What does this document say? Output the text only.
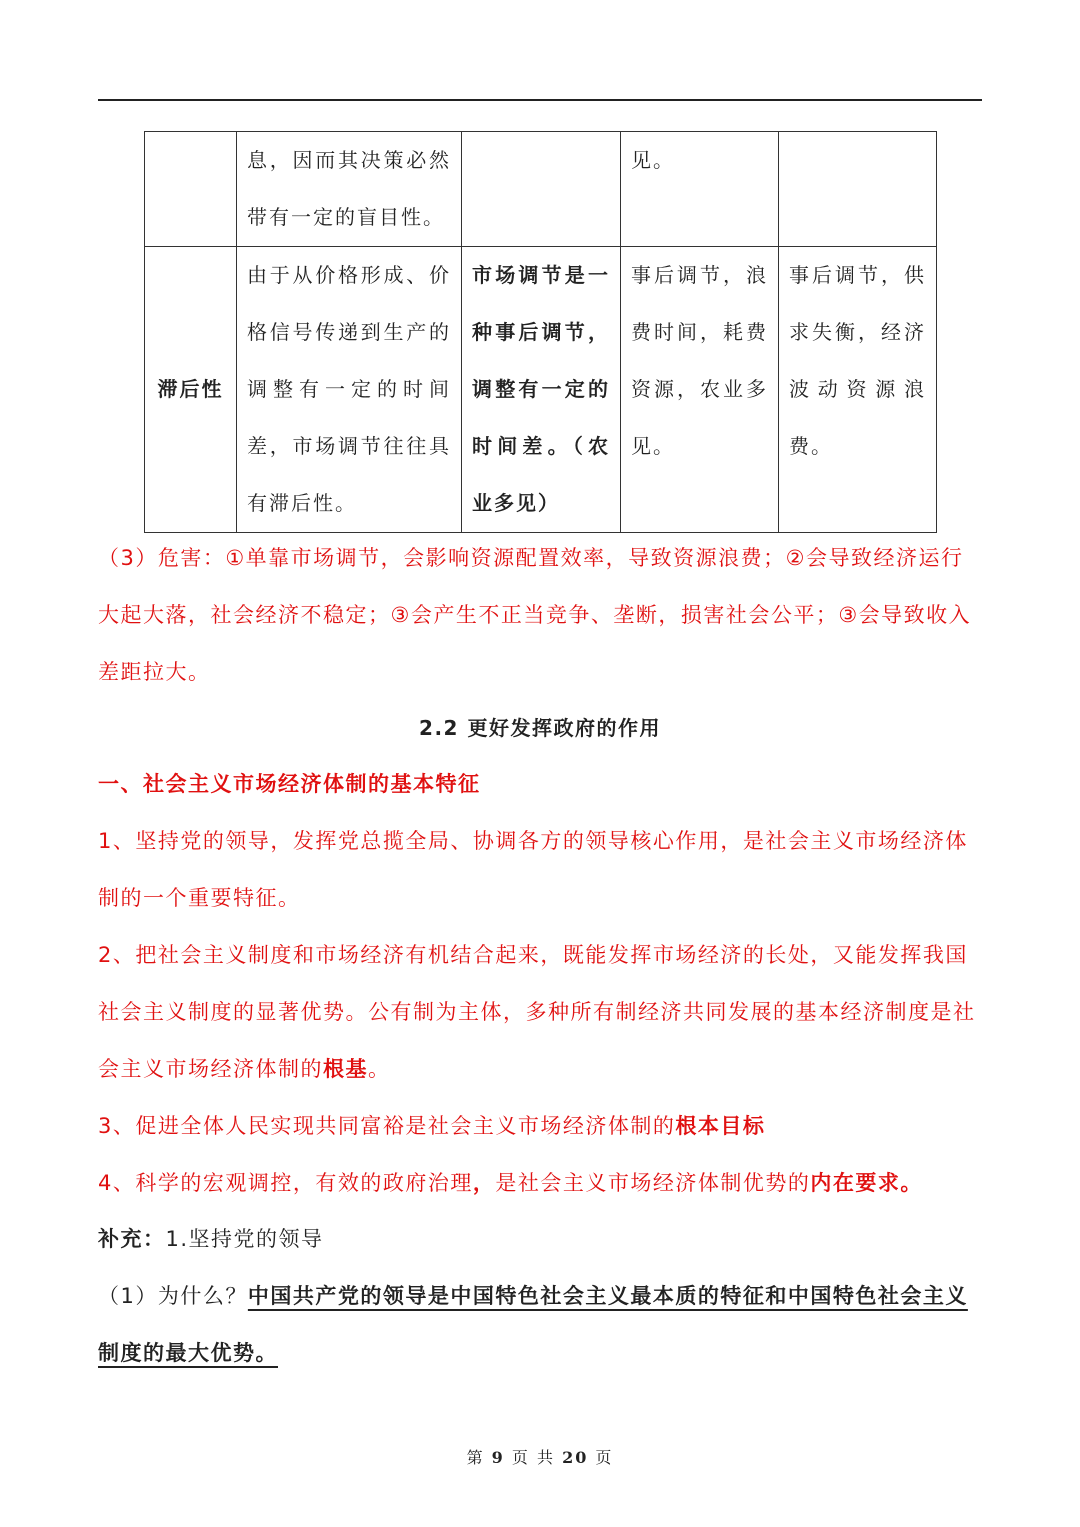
	息，因而其决策必然带有一定的盲目性。		见。	
滞后性	由于从价格形成、价格信号传递到生产的调整有一定的时间差，市场调节往往具有滞后性。	市场调节是一种事后调节，调整有一定的时间差。（农业多见）	事后调节，浪费时间，耗费资源，农业多见。	事后调节，供求失衡，经济波动资源浪费。

（3）危害：①单靠市场调节，会影响资源配置效率，导致资源浪费；②会导致经济运行大起大落，社会经济不稳定；③会产生不正当竞争、垄断，损害社会公平；③会导致收入差距拉大。

2.2 更好发挥政府的作用

一、社会主义市场经济体制的基本特征

1、坚持党的领导，发挥党总揽全局、协调各方的领导核心作用，是社会主义市场经济体制的一个重要特征。

2、把社会主义制度和市场经济有机结合起来，既能发挥市场经济的长处，又能发挥我国社会主义制度的显著优势。公有制为主体，多种所有制经济共同发展的基本经济制度是社会主义市场经济体制的根基。

3、促进全体人民实现共同富裕是社会主义市场经济体制的根本目标

4、科学的宏观调控，有效的政府治理，是社会主义市场经济体制优势的内在要求。

补充：1.坚持党的领导

（1）为什么？中国共产党的领导是中国特色社会主义最本质的特征和中国特色社会主义制度的最大优势。

第 9 页 共 20 页
